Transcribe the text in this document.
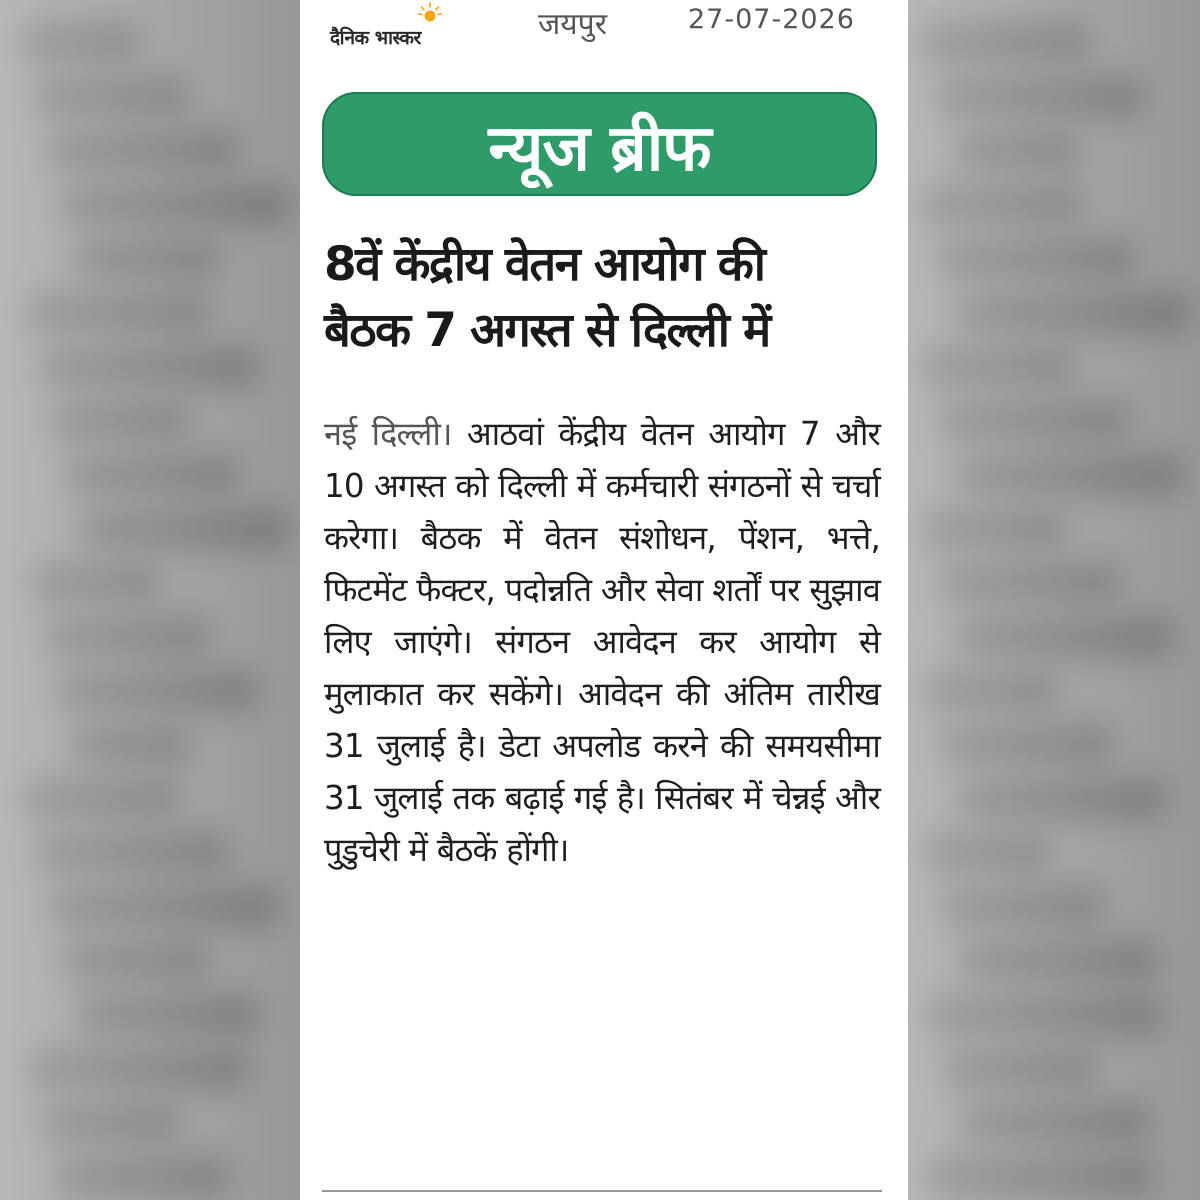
दैनिक भास्कर	जयपुर	27-07-2026
न्यूज ब्रीफ
8वें केंद्रीय वेतन आयोग की
बैठक 7 अगस्त से दिल्ली में
नई दिल्ली। आठवां केंद्रीय वेतन आयोग 7 और 10 अगस्त को दिल्ली में कर्मचारी संगठनों से चर्चा करेगा। बैठक में वेतन संशोधन, पेंशन, भत्ते, फिटमेंट फैक्टर, पदोन्नति और सेवा शर्तों पर सुझाव लिए जाएंगे। संगठन आवेदन कर आयोग से मुलाकात कर सकेंगे। आवेदन की अंतिम तारीख 31 जुलाई है। डेटा अपलोड करने की समयसीमा 31 जुलाई तक बढ़ाई गई है। सितंबर में चेन्नई और पुडुचेरी में बैठकें होंगी।
